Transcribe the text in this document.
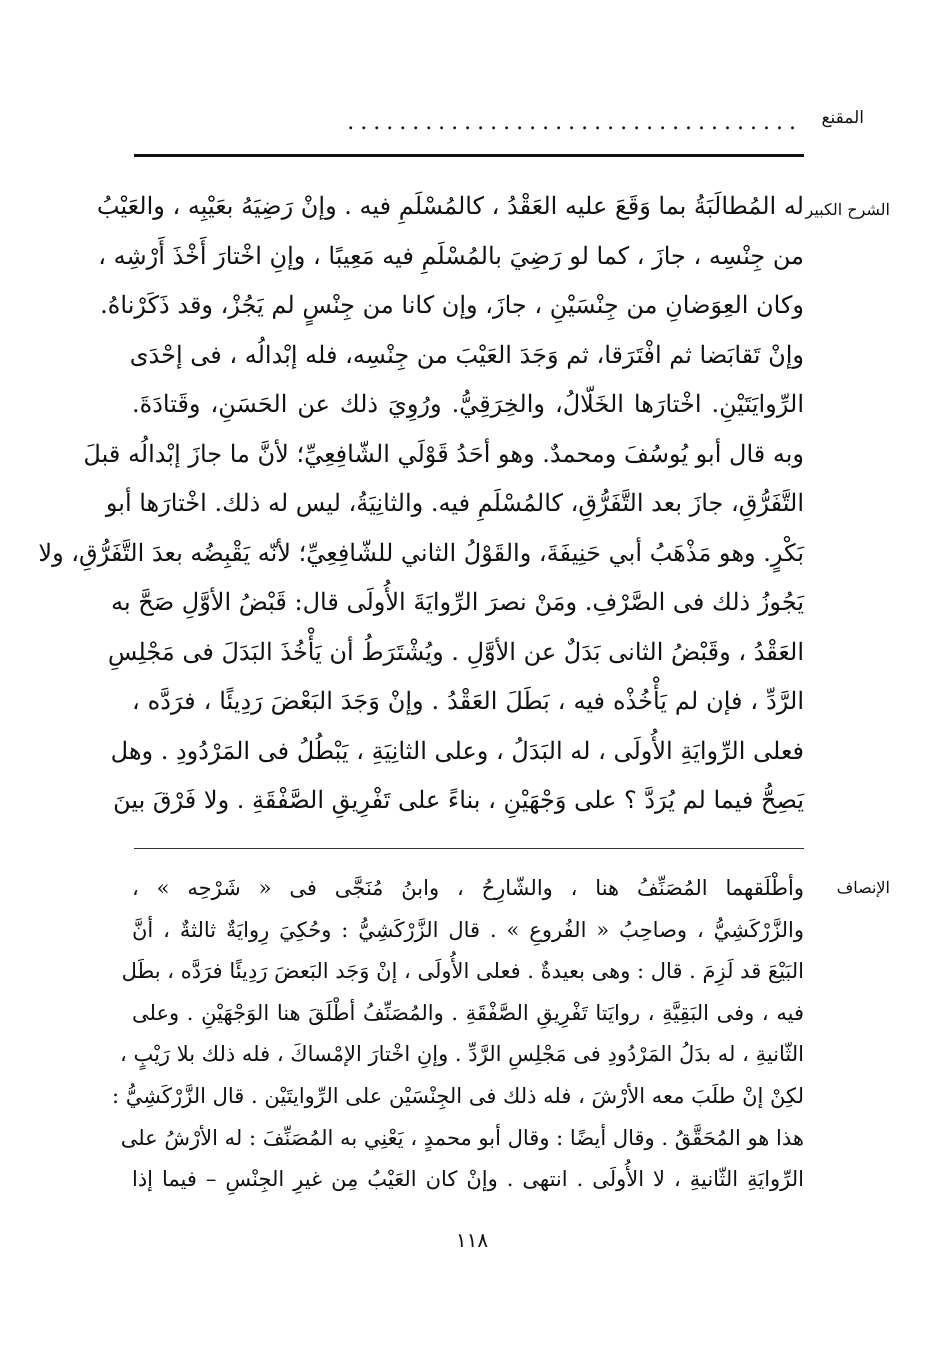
المقنع
...................................
الشرح الكبير
له المُطالَبَةُ بما وَقَعَ عليه العَقْدُ ، كالمُسْلَمِ فيه . وإنْ رَضِيَهُ بعَيْبِه ، والعَيْبُ
من جِنْسِه ، جازَ ، كما لو رَضِيَ بالمُسْلَمِ فيه مَعِيبًا ، وإنِ اخْتارَ أَخْذَ أَرْشِه ،
وكان العِوَضانِ من جِنْسَيْنِ ، جازَ، وإن كانا من جِنْسٍ لم يَجُزْ، وقد ذَكَرْناهُ.
وإنْ تَقابَضا ثم افْتَرَقا، ثم وَجَدَ العَيْبَ من جِنْسِه، فله إبْدالُه ، فى إحْدَى
الرِّوايَتَيْنِ. اخْتارَها الخَلّالُ، والخِرَقِيُّ. ورُوِيَ ذلك عن الحَسَنِ، وقَتادَةَ.
وبه قال أبو يُوسُفَ ومحمدٌ. وهو أحَدُ قَوْلَي الشّافِعِيِّ؛ لأنَّ ما جازَ إبْدالُه قبلَ
التَّفَرُّقِ، جازَ بعد التَّفَرُّقِ، كالمُسْلَمِ فيه. والثانِيَةُ، ليس له ذلك. اخْتارَها أبو
بَكْرٍ. وهو مَذْهَبُ أبي حَنِيفَةَ، والقَوْلُ الثاني للشّافِعِيِّ؛ لأنّه يَقْبِضُه بعدَ التَّفَرُّقِ، ولا
يَجُوزُ ذلك فى الصَّرْفِ. ومَنْ نصرَ الرِّوايَةَ الأُولَى قال: قَبْضُ الأوَّلِ صَحَّ به
العَقْدُ ، وقَبْضُ الثانى بَدَلٌ عن الأوَّلِ . ويُشْتَرَطُ أن يَأْخُذَ البَدَلَ فى مَجْلِسِ
الرَّدِّ ، فإن لم يَأْخُذْه فيه ، بَطَلَ العَقْدُ . وإنْ وَجَدَ البَعْضَ رَدِيئًا ، فرَدَّه ،
فعلى الرِّوايَةِ الأُولَى ، له البَدَلُ ، وعلى الثانِيَةِ ، يَبْطُلُ فى المَرْدُودِ . وهل
يَصِحُّ فيما لم يُرَدَّ ؟ على وَجْهَيْنِ ، بناءً على تَفْرِيقِ الصَّفْقَةِ . ولا فَرْقَ بينَ
الإنصاف
وأطْلَقهما المُصَنِّفُ هنا ، والشّارِحُ ، وابنُ مُنَجَّى فى « شَرْحِه » ،
والزَّرْكَشِيُّ ، وصاحِبُ « الفُروعِ » . قال الزَّرْكَشِيُّ : وحُكِيَ رِوايَةٌ ثالثةٌ ، أنَّ
البَيْعَ قد لَزِمَ . قال : وهى بعيدةٌ . فعلى الأُولَى ، إنْ وَجَد البَعضَ رَدِيئًا فرَدَّه ، بطَل
فيه ، وفى البَقِيَّةِ ، روايَتا تَفْرِيقِ الصَّفْقَةِ . والمُصَنِّفُ أطْلَقَ هنا الوَجْهَيْنِ . وعلى
الثّانيةِ ، له بدَلُ المَرْدُودِ فى مَجْلِسِ الرَّدِّ . وإنِ اخْتارَ الإمْساكَ ، فله ذلك بلا رَيْبٍ ،
لكِنْ إنْ طلَبَ معه الأرْشَ ، فله ذلك فى الجِنْسَيْن على الرِّوايتَيْن . قال الزَّرْكَشِيُّ :
هذا هو المُحَقَّقُ . وقال أيضًا : وقال أبو محمدٍ ، يَعْنِي به المُصَنِّفَ : له الأرْشُ على
الرِّوايَةِ الثّانيةِ ، لا الأُولَى . انتهى . وإنْ كان العَيْبُ مِن غيرِ الجِنْسِ – فيما إذا
١١٨
